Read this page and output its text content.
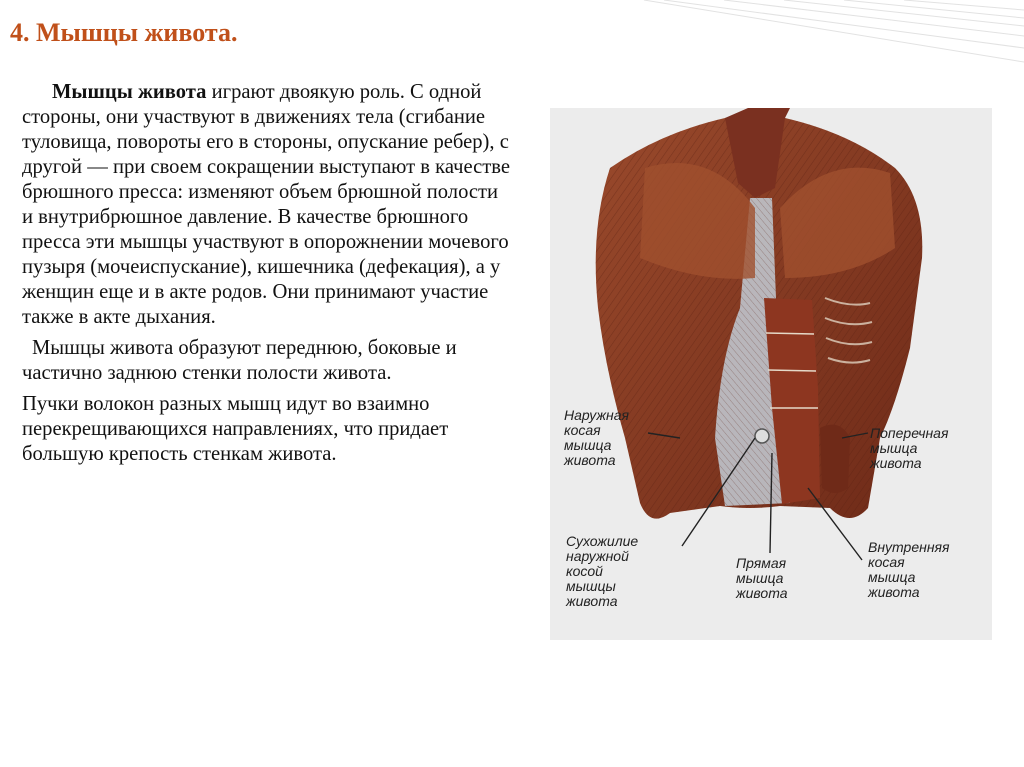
4. Мышцы живота.

Мышцы живота играют двоякую роль. С одной стороны, они участвуют в движениях тела (сгибание туловища, повороты его в стороны, опускание ребер), с другой — при своем сокращении выступают в качестве брюшного пресса: изменяют объем брюшной полости и внутрибрюшное давление. В качестве брюшного пресса эти мышцы участвуют в опорожнении мочевого пузыря (мочеиспускание), кишечника (дефекация), а у женщин еще и в акте родов. Они принимают участие также в акте дыхания.

Мышцы живота образуют переднюю, боковые и частично заднюю стенки полости живота.

Пучки волокон разных мышц идут во взаимно перекрещивающихся направлениях, что придает большую крепость стенкам живота.

Наружная
косая
мышца
живота
Поперечная
мышца
живота
Сухожилие
наружной
косой
мышцы
живота
Прямая
мышца
живота
Внутренняя
косая
мышца
живота
